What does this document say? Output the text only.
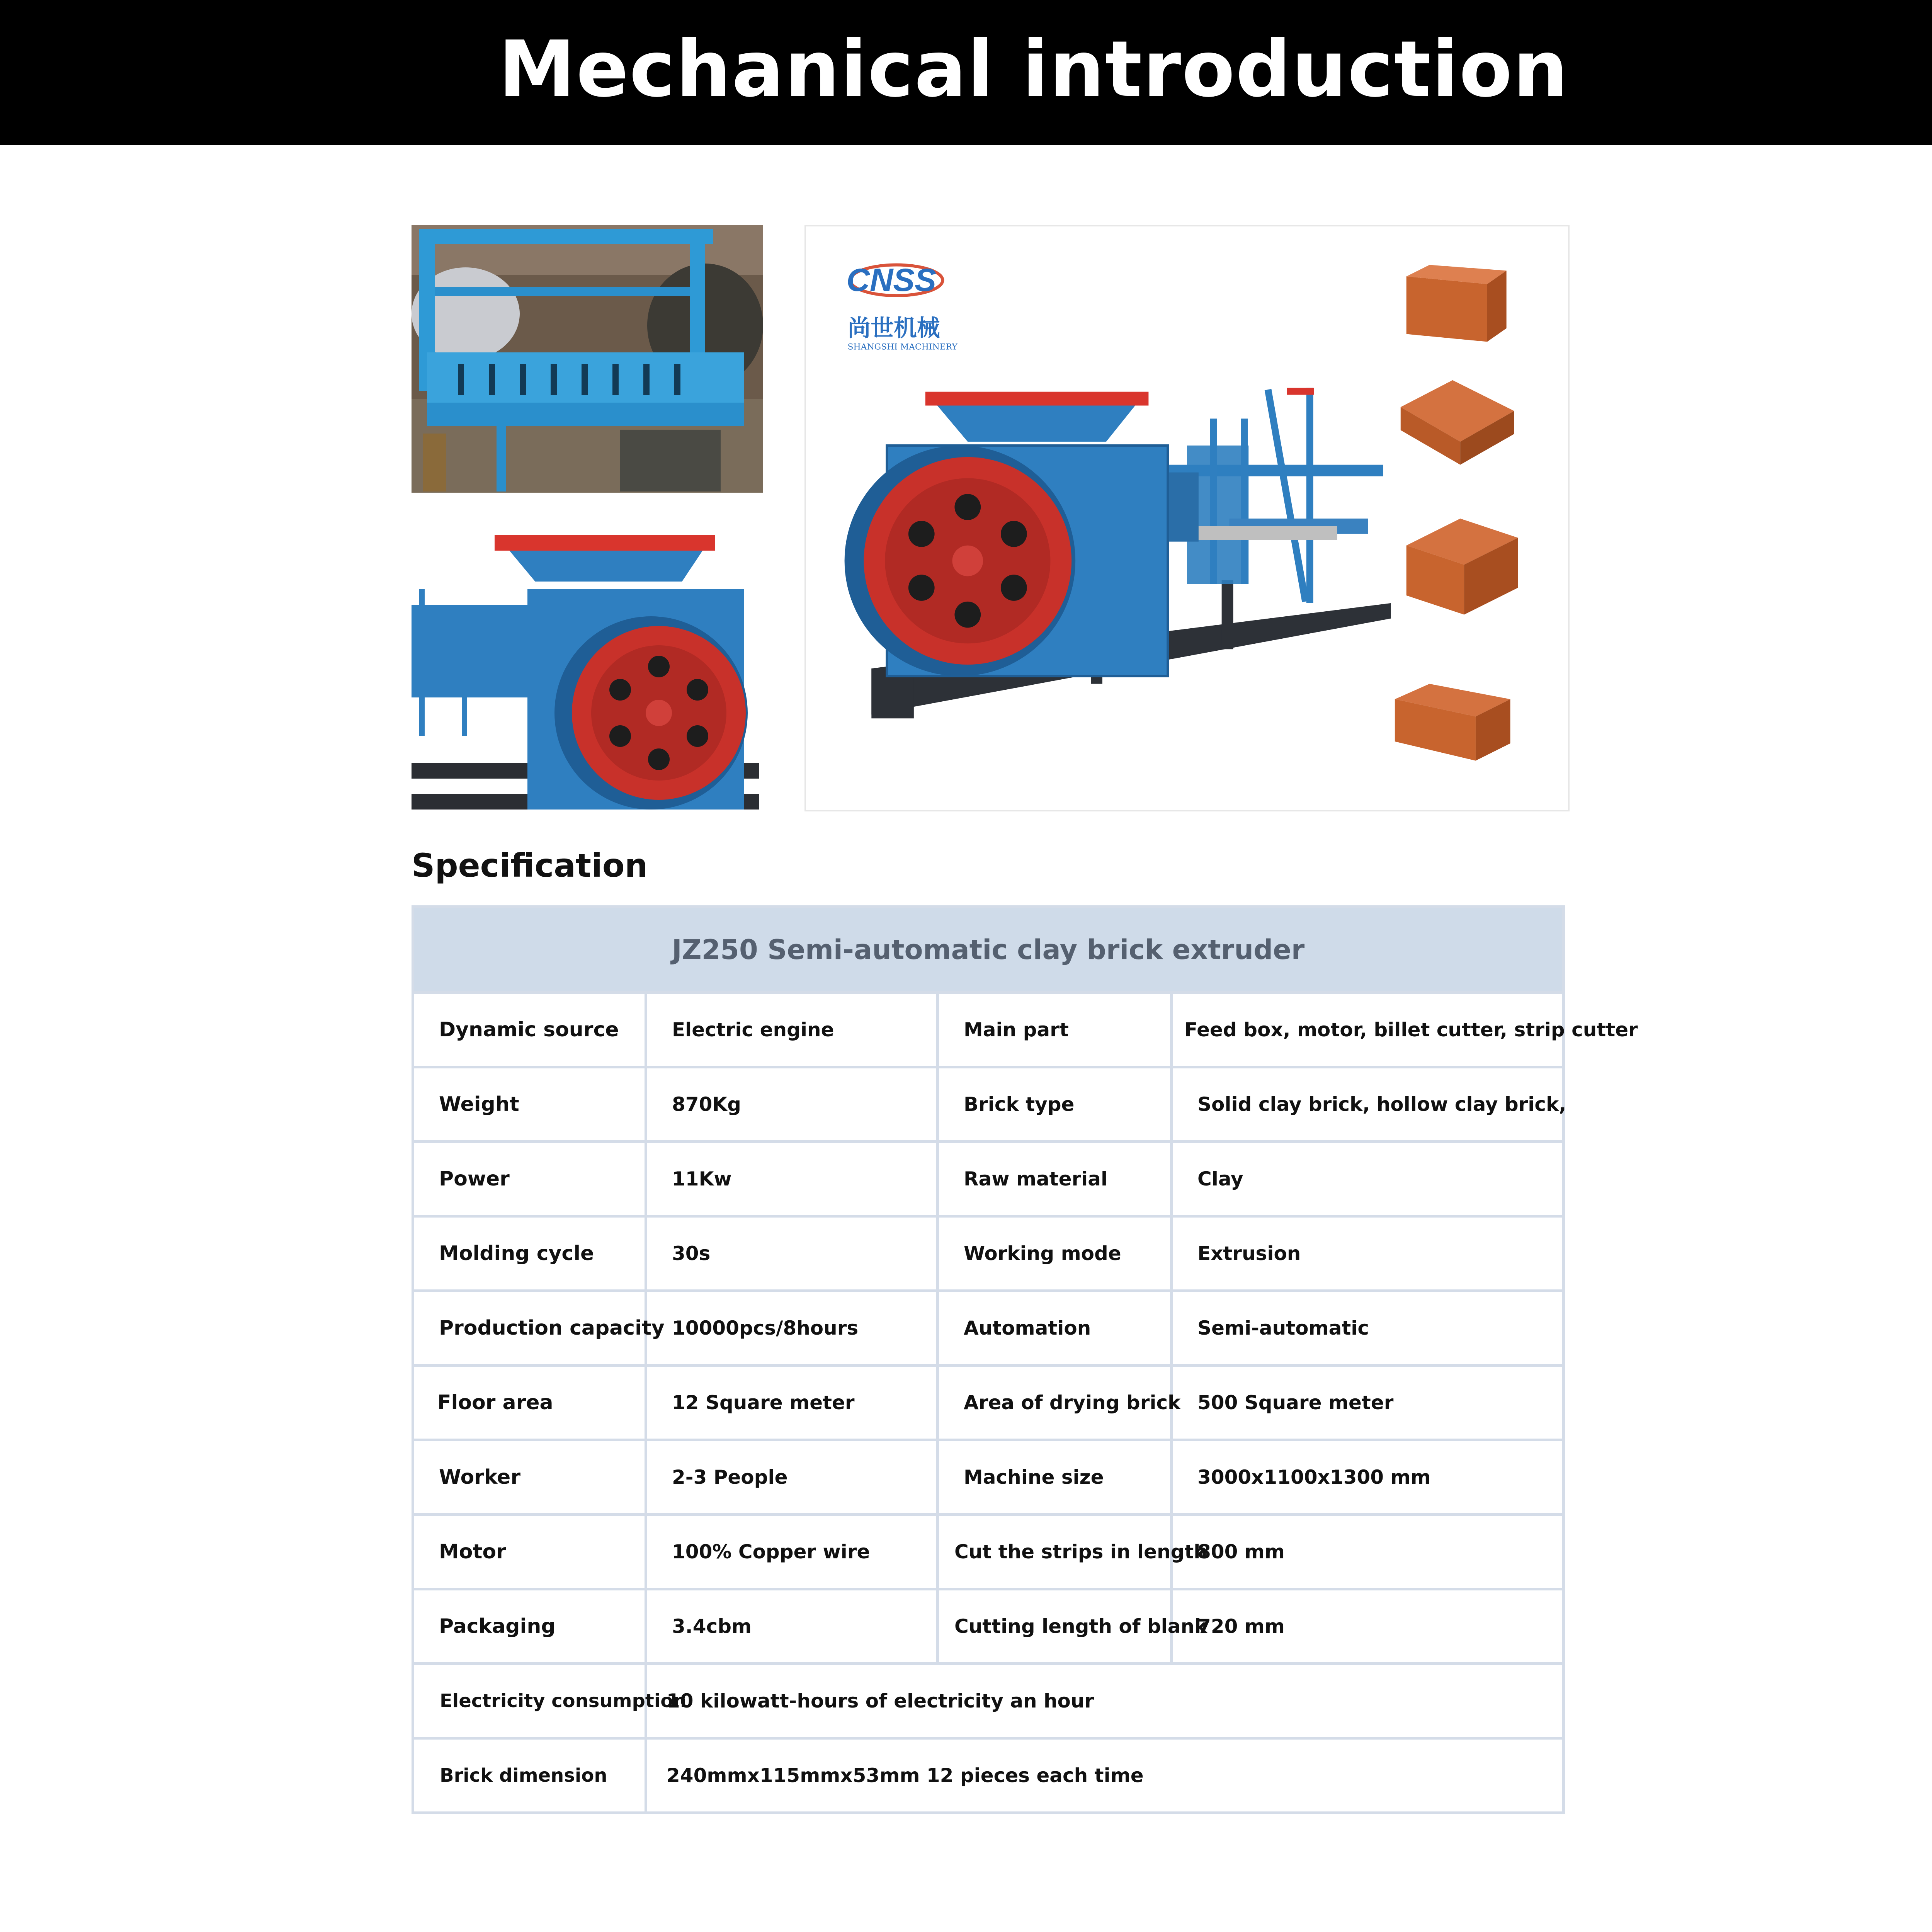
Mechanical introduction
CNSS
尚世机械
SHANGSHI MACHINERY
Specification
JZ250 Semi-automatic clay brick extruder			
Dynamic source	Electric engine	Main part	Feed box, motor, billet cutter, strip cutter
Weight	870Kg	Brick type	Solid clay brick, hollow clay brick,
Power	11Kw	Raw material	Clay
Molding cycle	30s	Working mode	Extrusion
Production capacity	10000pcs/8hours	Automation	Semi-automatic
Floor area	12 Square meter	Area of drying brick	500 Square meter
Worker	2-3 People	Machine size	3000x1100x1300 mm
Motor	100% Copper wire	Cut the strips in length	800 mm
Packaging	3.4cbm	Cutting length of blank	720 mm
Electricity consumption	10 kilowatt-hours of electricity an hour		
Brick dimension	240mmx115mmx53mm 12 pieces each time		
